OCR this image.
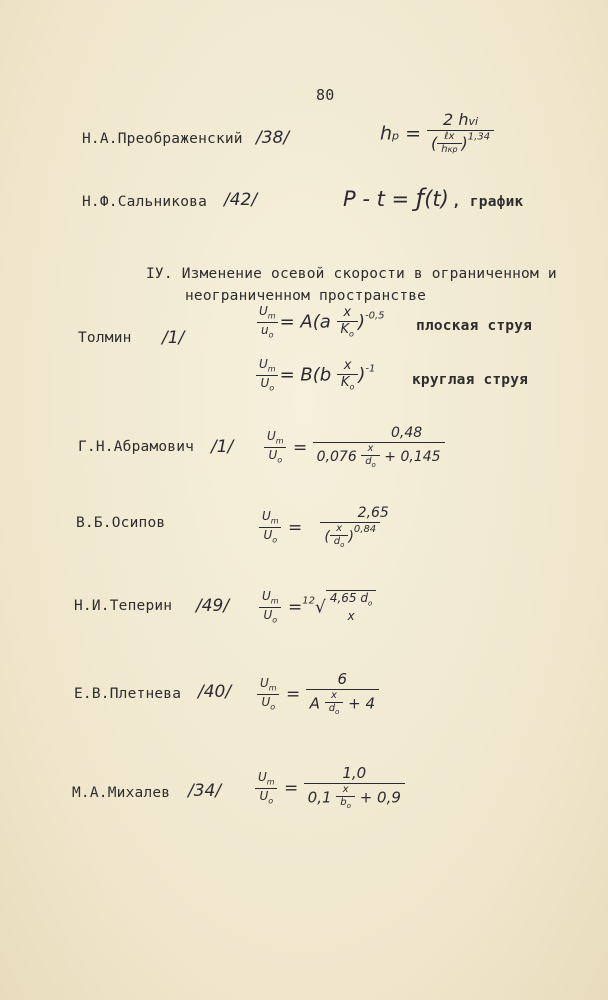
80
Н.А.Преображенский /38/	hp = $\frac{\text{2 hvi}}{( \frac{\text{ℓx}}{\text{hкр}} )^{1,34}}$
Н.Ф.Сальникова /42/	P - t = ƒ(t) , график
IУ. Изменение осевой скорости в ограниченном и
неограниченном пространстве
Толмин /1/	$\frac{U_m}{u_o} = A(a \frac{x}{K_o} )^{-0,5}$
плоская струя
$\frac{U_m}{U_o} = B(b \frac{x}{K_o} )^{-1}$
круглая струя
Г.Н.Абрамович $/1/ \frac{U_m}{U_o} = \frac{0,48}{0,076 \frac{x}{d_o} + 0,145}$
В.Б.Осипов	$\frac{U_m}{U_o} = \frac{2,65}{( \frac{x}{d_o} )^{0,84}}$
Н.И.Теперин $/49/ \frac{U_m}{U_o} =^{12}√$ 4,65 $d_o$
x
Е.В.Плетнева $/40/ \frac{U_m}{U_o} = \frac{6}{A \frac{x}{d_o} + 4}$
М.А.Михалев /34/	$\frac{U_m}{U_o} = \frac{1,0}{0,1 \frac{x}{b_o} + 0,9}$
